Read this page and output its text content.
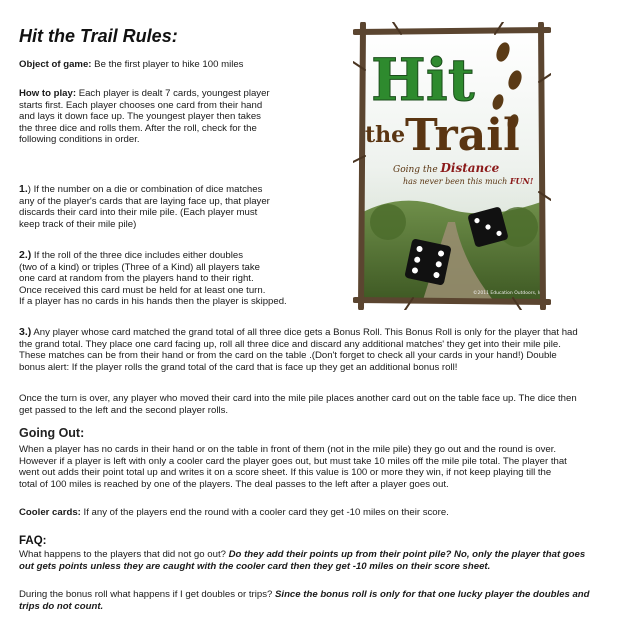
Hit the Trail Rules:

Object of game: Be the first player to hike 100 miles

How to play: Each player is dealt 7 cards, youngest player
starts first. Each player chooses one card from their hand
and lays it down face up. The youngest player then takes
the three dice and rolls them. After the roll, check for the
following conditions in order.

1.) If the number on a die or combination of dice matches
any of the player's cards that are laying face up, that player
discards their card into their mile pile. (Each player must
keep track of their mile pile)

2.) If the roll of the three dice includes either doubles
(two of a kind) or triples (Three of a Kind) all players take
one card at random from the players hand to their right.
Once received this card must be held for at least one turn.
If a player has no cards in his hands then the player is skipped.

3.) Any player whose card matched the grand total of all three dice gets a Bonus Roll. This Bonus Roll is only for the player that had
the grand total. They place one card facing up, roll all three dice and discard any additional matches' they get into their mile pile.
These matches can be from their hand or from the card on the table .(Don't forget to check all your cards in your hand!) Double
bonus alert: If the player rolls the grand total of the card that is face up they get an additional bonus roll!

Once the turn is over, any player who moved their card into the mile pile places another card out on the table face up. The dice then
get passed to the left and the second player rolls.

Going Out:

When a player has no cards in their hand or on the table in front of them (not in the mile pile) they go out and the round is over.
However if a player is left with only a cooler card the player goes out, but must take 10 miles off the mile pile total. The player that
went out adds their point total up and writes it on a score sheet. If this value is 100 or more they win, if not keep playing till the
total of 100 miles is reached by one of the players. The deal passes to the left after a player goes out.

Cooler cards: If any of the players end the round with a cooler card they get -10 miles on their score.

FAQ:

What happens to the players that did not go out? Do they add their points up from their point pile? No, only the player that goes
out gets points unless they are caught with the cooler card then they get -10 miles on their score sheet.

During the bonus roll what happens if I get doubles or trips? Since the bonus roll is only for that one lucky player the doubles and
trips do not count.

Hit
the Trail
Going the Distance
has never been this much FUN!
©2011 Education Outdoors, Inc.
